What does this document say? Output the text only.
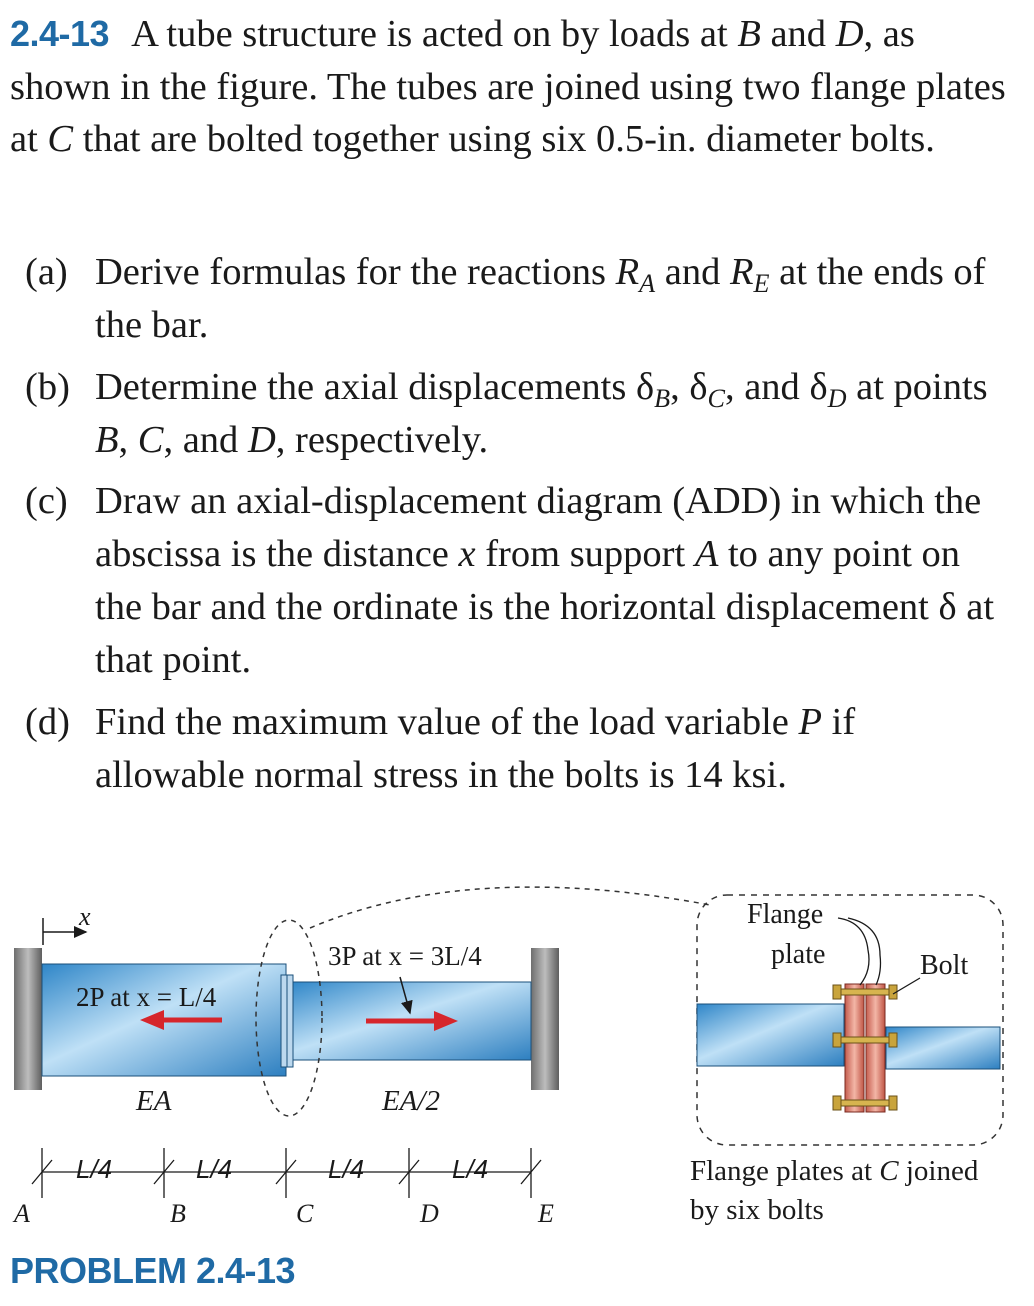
2.4-13 A tube structure is acted on by loads at B and D, as shown in the figure. The tubes are joined using two flange plates at C that are bolted together using six 0.5-in. diameter bolts.
(a) Derive formulas for the reactions $R_A$ and $R_E$ at the ends of the bar.
(b) Determine the axial displacements $\delta_B$, $\delta_C$, and $\delta_D$ at points B, C, and D, respectively.
(c) Draw an axial-displacement diagram (ADD) in which the abscissa is the distance x from support A to any point on the bar and the ordinate is the horizontal displacement δ at that point.
(d) Find the maximum value of the load variable P if allowable normal stress in the bolts is 14 ksi.
x
2P at x = L/4
3P at x = 3L/4
EA	EA/2
L/4	L/4	L/4	L/4
A	B	C	D	E
Flange
plate	Bolt
Flange plates at C joined
by six bolts
PROBLEM 2.4-13
